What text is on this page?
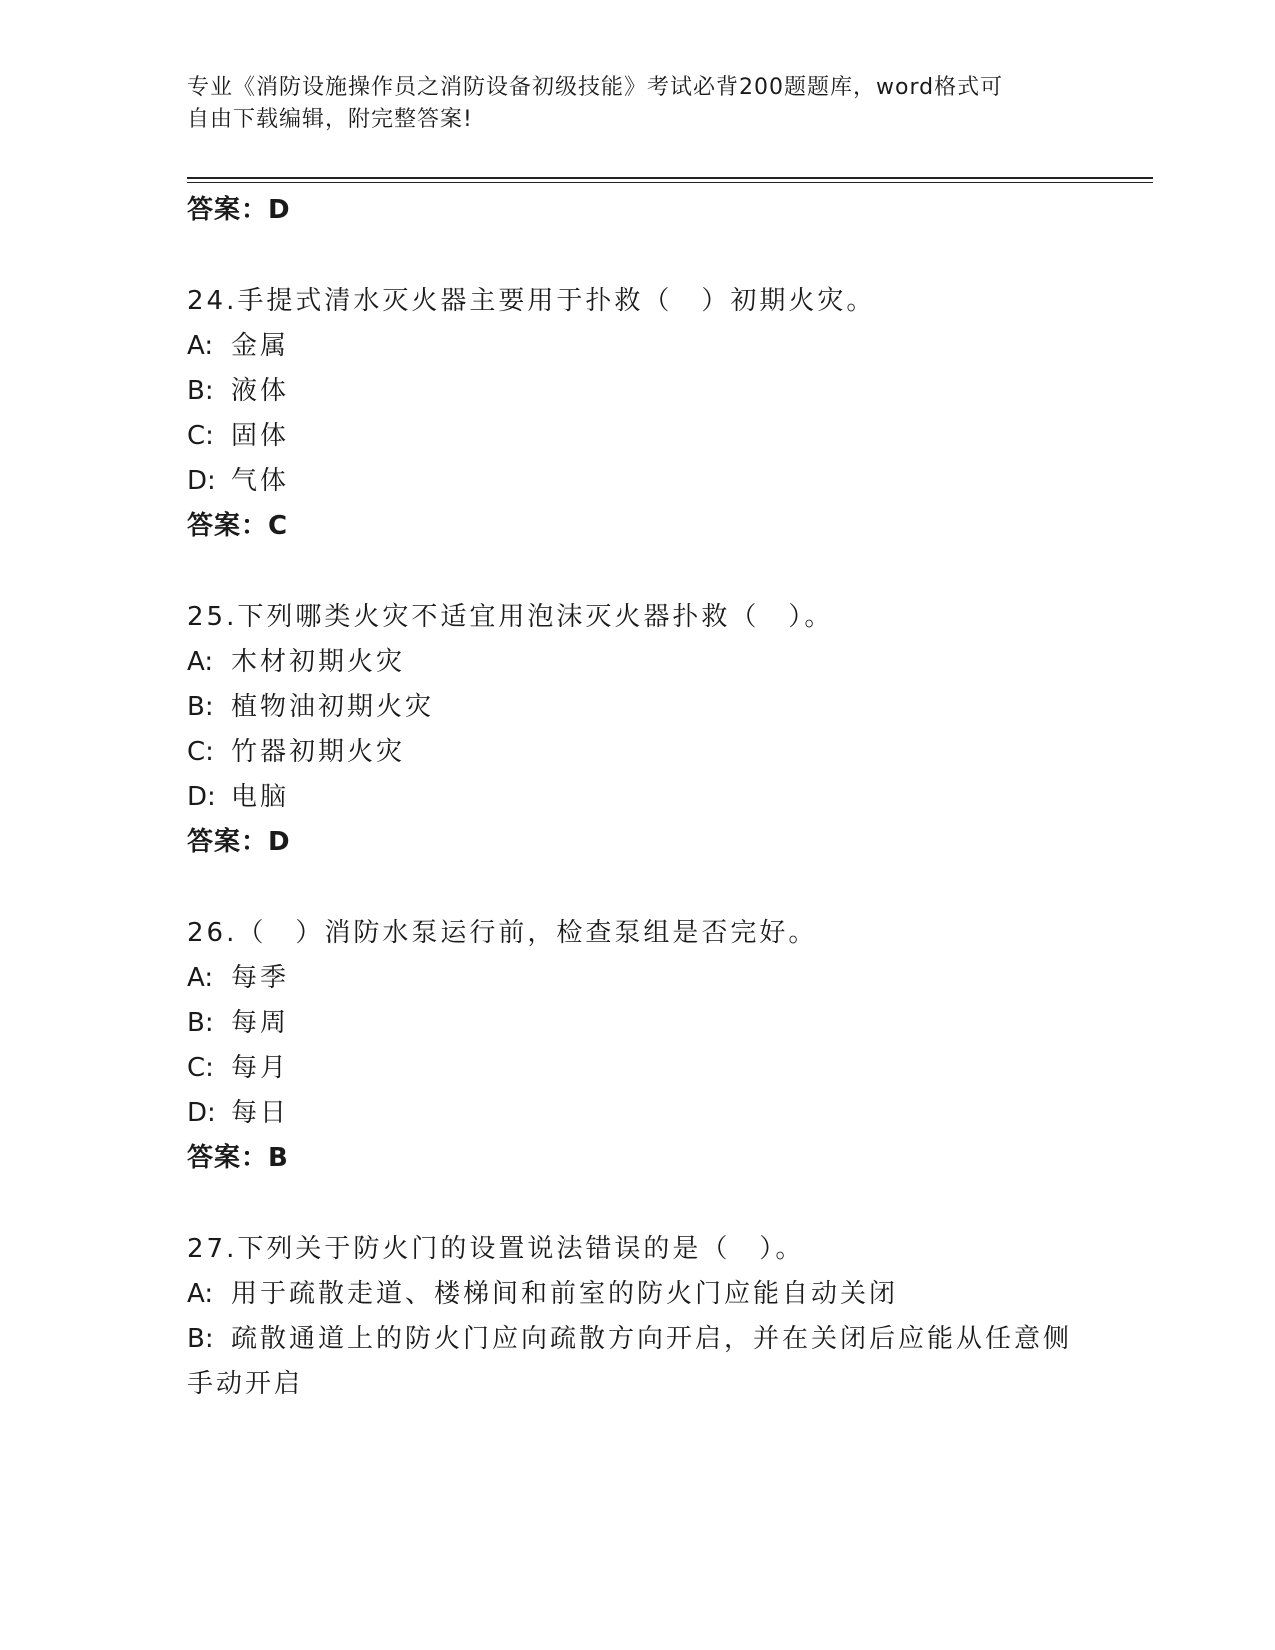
专业《消防设施操作员之消防设备初级技能》考试必背200题题库，word格式可
自由下载编辑，附完整答案!
答案：D
24.手提式清水灭火器主要用于扑救（　）初期火灾。
A: 金属
B: 液体
C: 固体
D: 气体
答案：C
25.下列哪类火灾不适宜用泡沫灭火器扑救（　）。
A: 木材初期火灾
B: 植物油初期火灾
C: 竹器初期火灾
D: 电脑
答案：D
26.（　）消防水泵运行前，检查泵组是否完好。
A: 每季
B: 每周
C: 每月
D: 每日
答案：B
27.下列关于防火门的设置说法错误的是（　）。
A: 用于疏散走道、楼梯间和前室的防火门应能自动关闭
B: 疏散通道上的防火门应向疏散方向开启，并在关闭后应能从任意侧手动开启
